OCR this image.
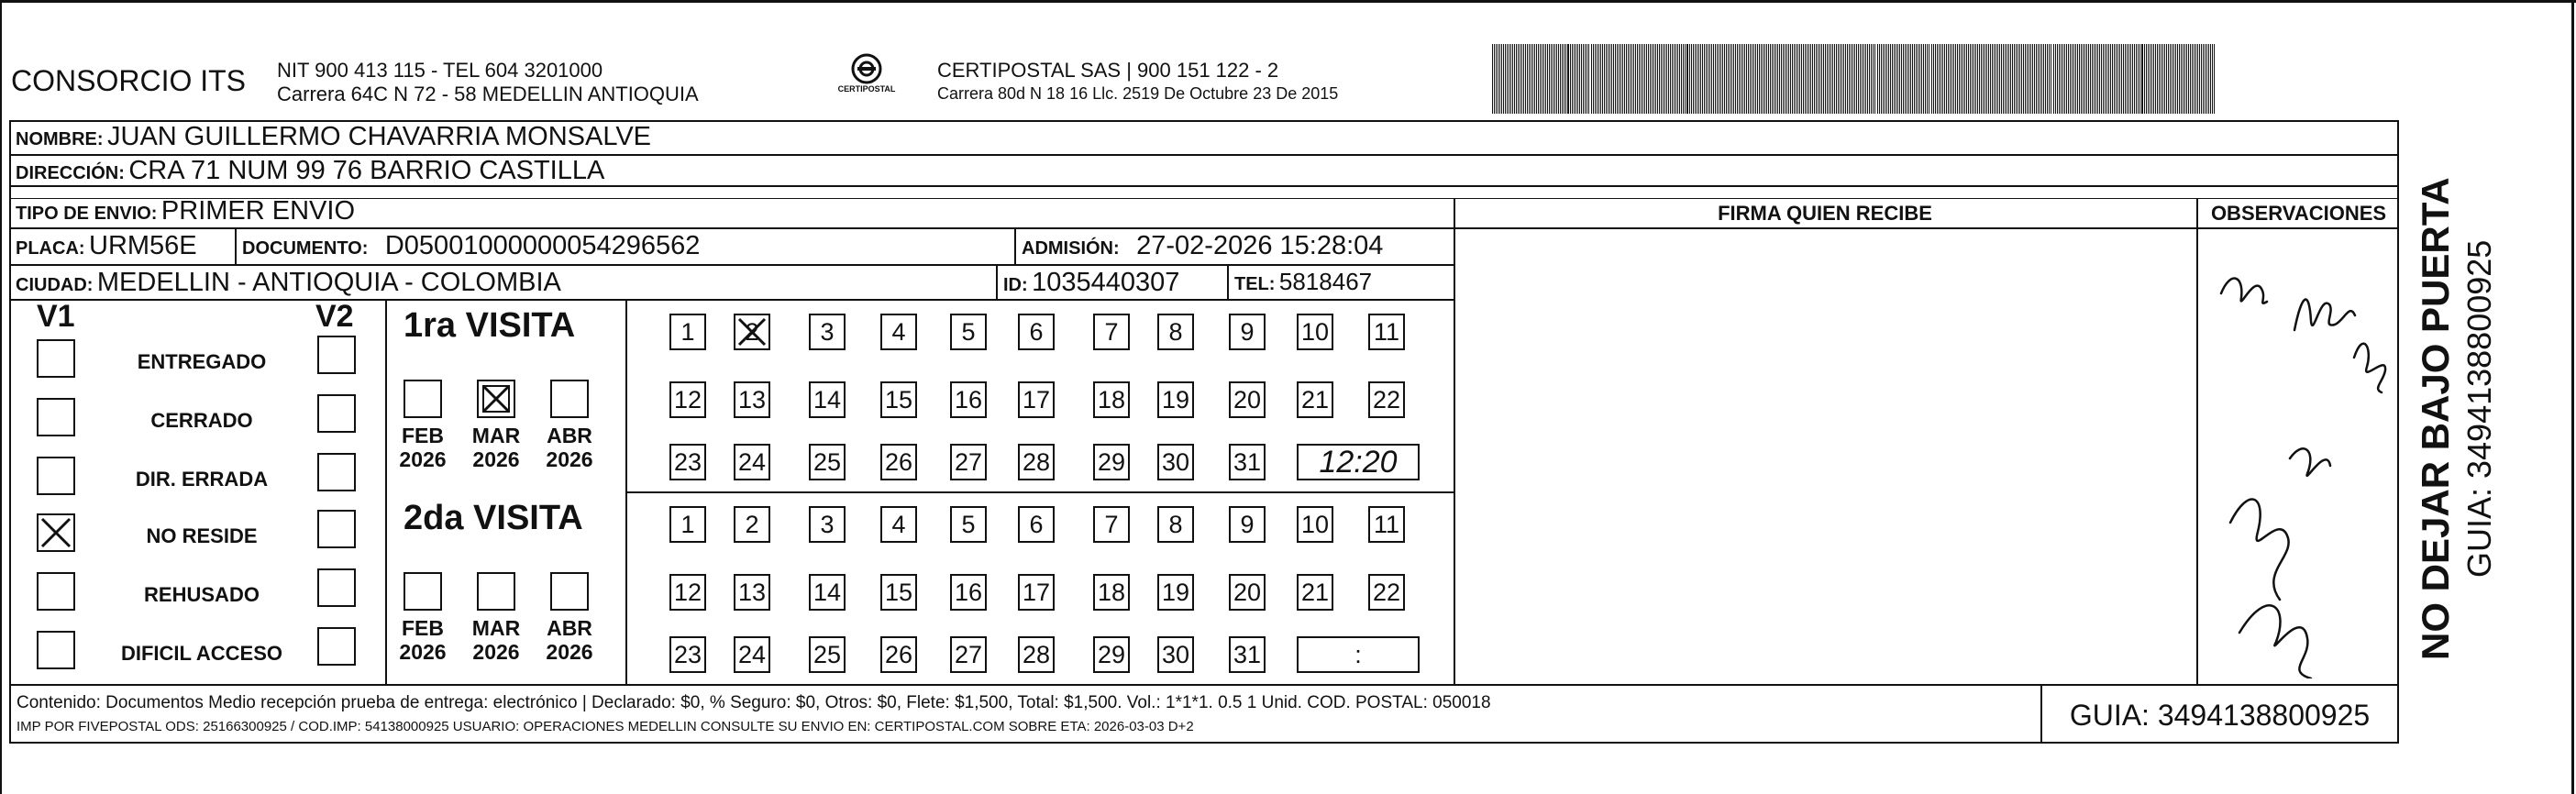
CONSORCIO ITS NIT 900 413 115 - TEL 604 3201000
Carrera 64C N 72 - 58 MEDELLIN ANTIOQUIA	CERTIPOSTAL
CERTIPOSTAL SAS | 900 151 122 - 2
Carrera 80d N 18 16 Llc. 2519 De Octubre 23 De 2015
NOMBRE: JUAN GUILLERMO CHAVARRIA MONSALVE
DIRECCIÓN: CRA 71 NUM 99 76 BARRIO CASTILLA
TIPO DE ENVIO: PRIMER ENVIO
PLACA: URM56E DOCUMENTO: D05001000000054296562	ADMISIÓN: 27-02-2026 15:28:04
CIUDAD: MEDELLIN - ANTIOQUIA - COLOMBIA	ID: 1035440307	TEL: 5818467
FIRMA QUIEN RECIBE	OBSERVACIONES
V1	V2
ENTREGADO
CERRADO
DIR. ERRADA
NO RESIDE
REHUSADO
DIFICIL ACCESO
1ra VISITA
FEB
2026
MAR
2026
ABR
2026
1	2	3	4	5	6	7	8	9	10 11
12 13 14 15 16 17 18 19 20 21 22
23 24 25 26 27 28 29 30 31	12:20
2da VISITA
FEB
2026
MAR
2026
ABR
2026
1	2	3	4	5	6	7	8	9	10 11
12 13 14 15 16 17 18 19 20 21 22
23 24 25 26 27 28 29 30 31	:
Contenido: Documentos Medio recepción prueba de entrega: electrónico | Declarado: $0, % Seguro: $0, Otros: $0, Flete: $1,500, Total: $1,500. Vol.: 1*1*1. 0.5 1 Unid. COD. POSTAL: 050018
IMP POR FIVEPOSTAL ODS: 25166300925 / COD.IMP: 54138000925 USUARIO: OPERACIONES MEDELLIN CONSULTE SU ENVIO EN: CERTIPOSTAL.COM SOBRE ETA: 2026-03-03 D+2	GUIA: 3494138800925
NO DEJAR BAJO PUERTA GUIA: 3494138800925
